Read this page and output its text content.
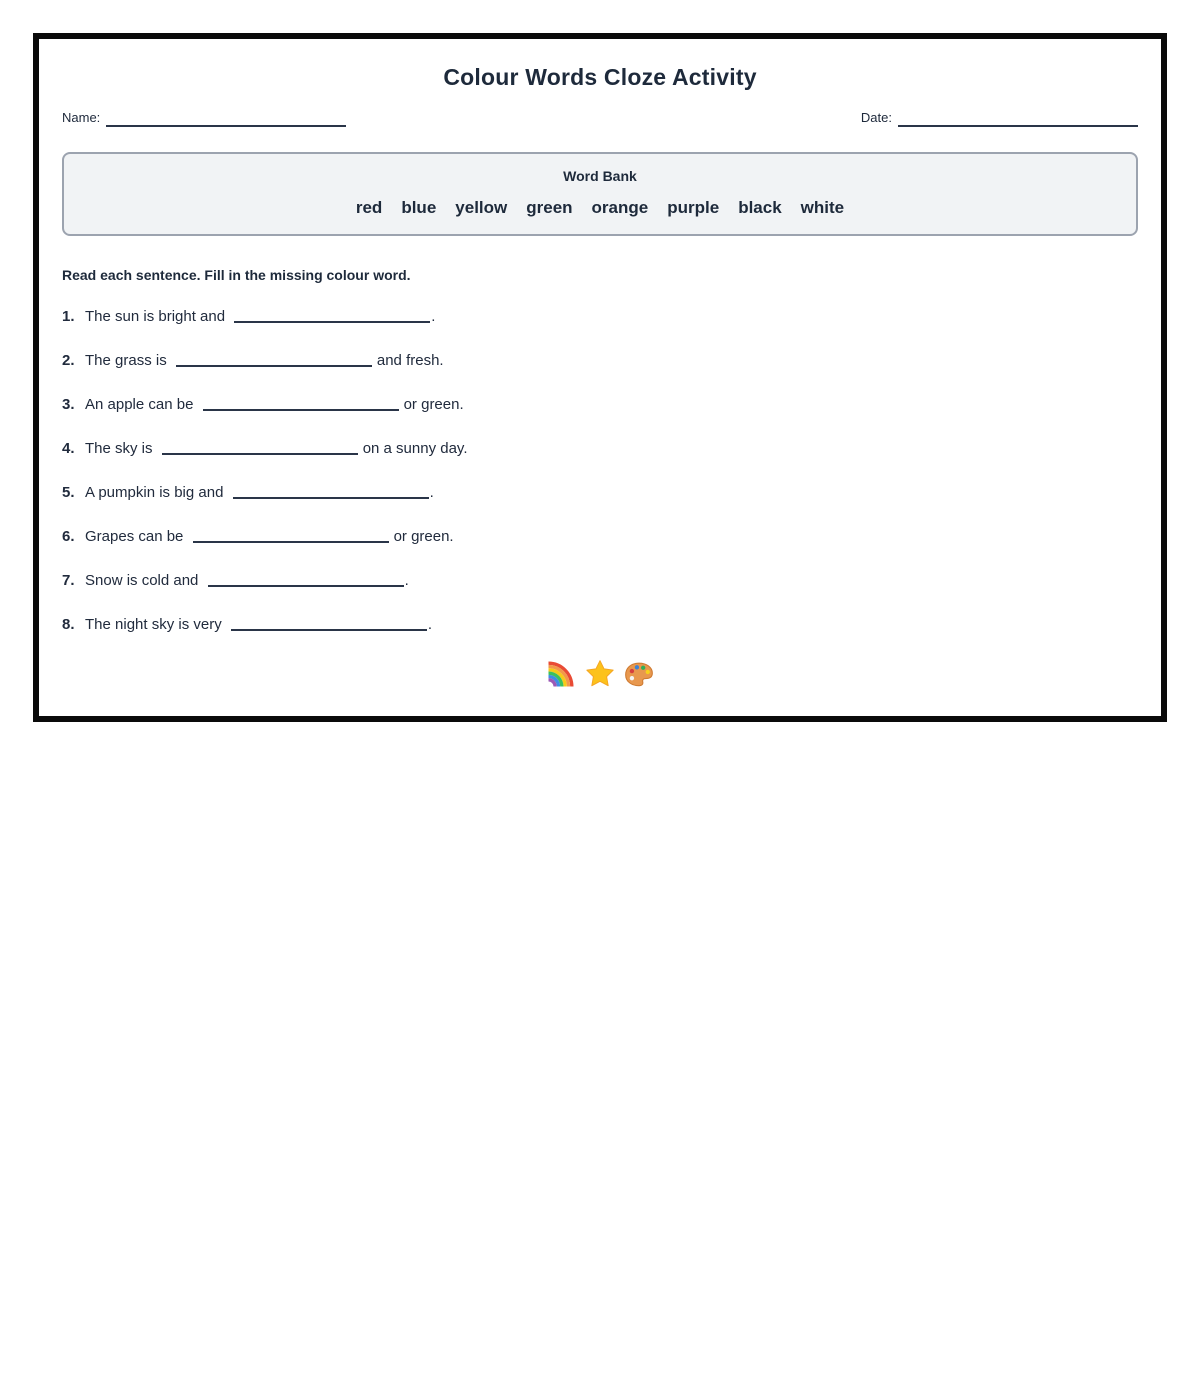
Colour Words Cloze Activity
Name:	Date:
Word Bank
red blue yellow green orange purple black white
Read each sentence. Fill in the missing colour word.
1. The sun is bright and	.
2. The grass is	and fresh.
3. An apple can be	or green.
4. The sky is	on a sunny day.
5. A pumpkin is big and	.
6. Grapes can be	or green.
7. Snow is cold and	.
8. The night sky is very	.
